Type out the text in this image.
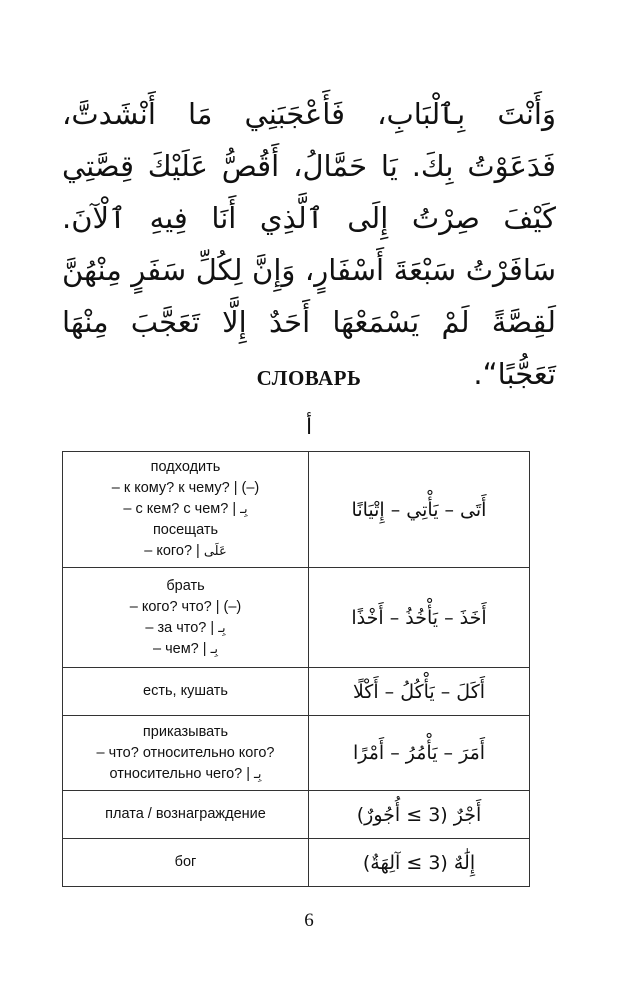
وَأَنْتَ بِٱلْبَابِ، فَأَعْجَبَنِي مَا أَنْشَدتَّ، فَدَعَوْتُ بِكَ. يَا حَمَّالُ، أَقُصُّ عَلَيْكَ قِصَّتِي كَيْفَ صِرْتُ إِلَى ٱلَّذِي أَنَا فِيهِ ٱلْآنَ. سَافَرْتُ سَبْعَةَ أَسْفَارٍ، وَإِنَّ لِكُلِّ سَفَرٍ مِنْهُنَّ لَقِصَّةً لَمْ يَسْمَعْهَا أَحَدٌ إِلَّا تَعَجَّبَ مِنْهَا تَعَجُّبًا“.

СЛОВАРЬ
أ
подходить
– к кому? к чему? | (–)
– с кем? с чем? | بِـ
посещать
– кого? | عَلَى	أَتَى – يَأْتِي – إِتْيَانًا

брать
– кого? что? | (–)
– за что? | بِـ
– чем? | بِـ	أَخَذَ – يَأْخُذُ – أَخْذًا

есть, кушать	أَكَلَ – يَأْكُلُ – أَكْلًا

приказывать
– что? относительно кого?
относительно чего? | بِـ	أَمَرَ – يَأْمُرُ – أَمْرًا

плата / вознаграждение	أَجْرٌ (3 ≥ أُجُورٌ)

бог	إِلَٰهٌ (3 ≥ آلِهَةٌ)
6
